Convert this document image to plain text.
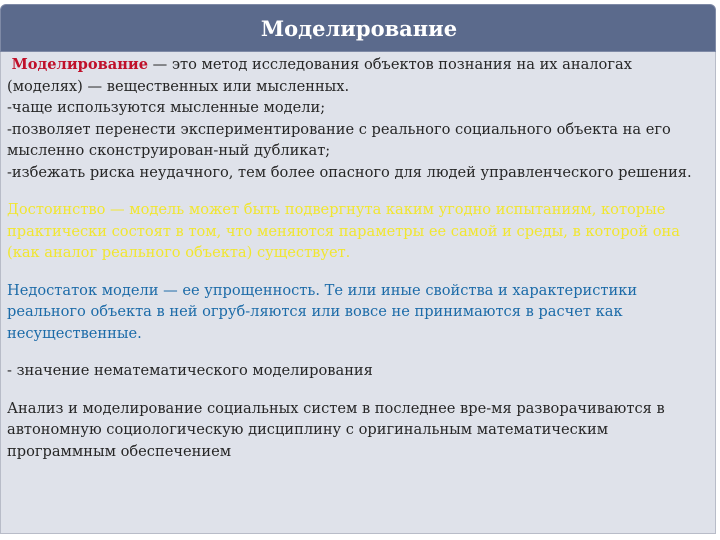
Моделирование

Моделирование — это метод исследования объектов познания на их аналогах (моделях) — вещественных или мысленных.

-чаще используются мысленные модели;

-позволяет перенести экспериментирование с реального социального объекта на его мысленно сконструирован-ный дубликат;

-избежать риска неудачного, тем более опасного для людей управленческого решения.

Достоинство — модель может быть подвергнута каким угодно испытаниям, которые практически состоят в том, что меняются параметры ее самой и среды, в которой она (как аналог реального объекта) существует.

Недостаток модели — ее упрощенность. Те или иные свойства и характеристики реального объекта в ней огруб-ляются или вовсе не принимаются в расчет как несущественные.

- значение нематематического моделирования

Анализ и моделирование социальных систем в последнее вре-мя разворачиваются в автономную социологическую дисциплину с оригинальным математическим программным обеспечением
